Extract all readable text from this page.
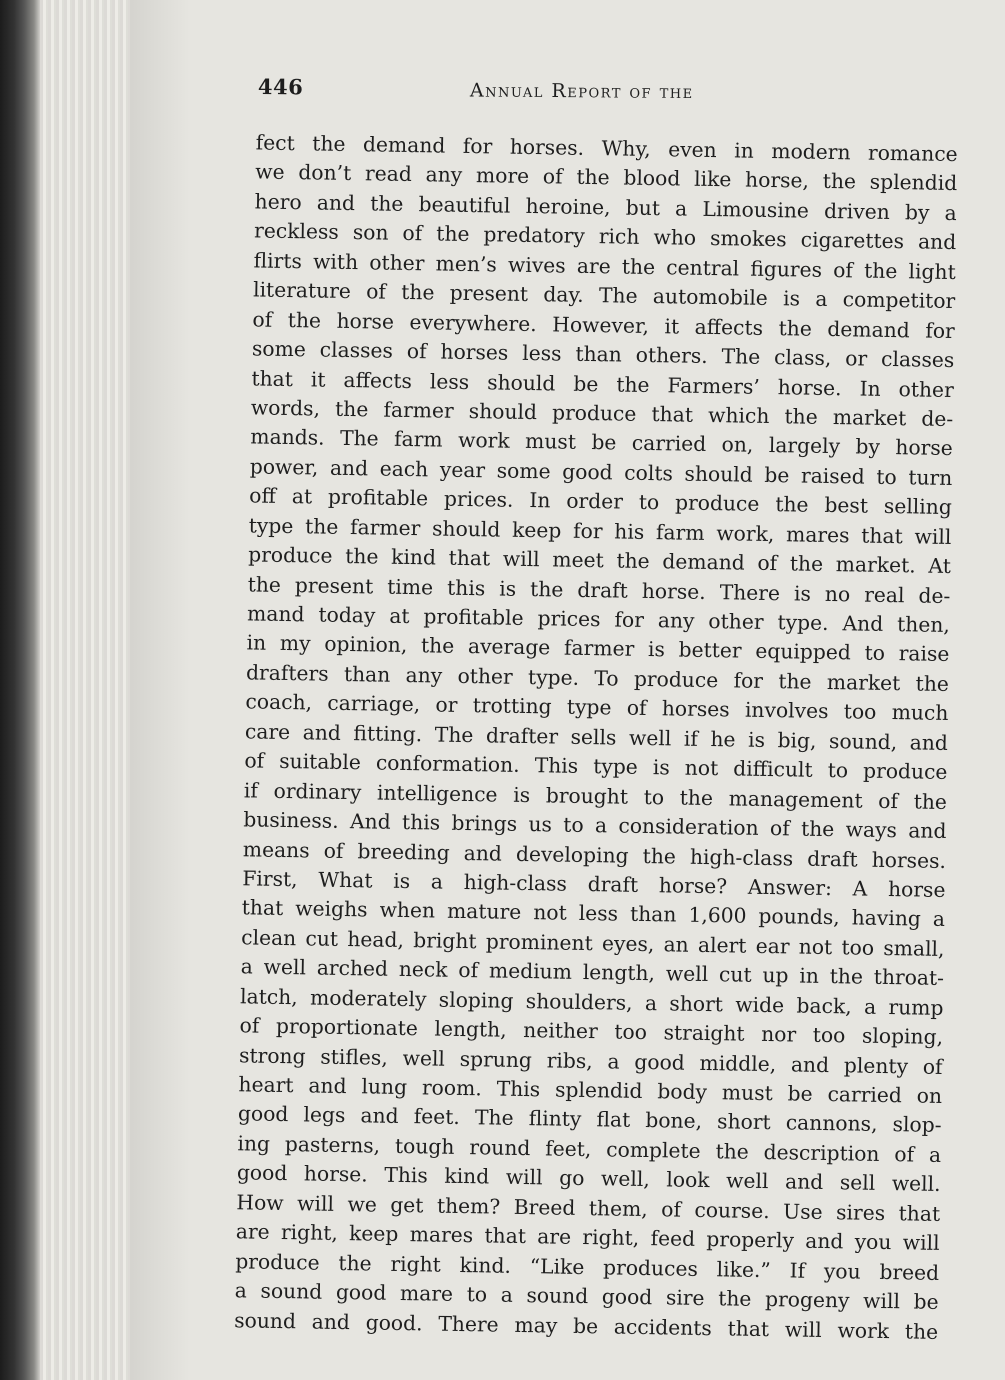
446	Annual Report of the
fect the demand for horses. Why, even in modern romance
we don’t read any more of the blood like horse, the splendid
hero and the beautiful heroine, but a Limousine driven by a
reckless son of the predatory rich who smokes cigarettes and
flirts with other men’s wives are the central figures of the light
literature of the present day. The automobile is a competitor
of the horse everywhere. However, it affects the demand for
some classes of horses less than others. The class, or classes
that it affects less should be the Farmers’ horse. In other
words, the farmer should produce that which the market de-
mands. The farm work must be carried on, largely by horse
power, and each year some good colts should be raised to turn
off at profitable prices. In order to produce the best selling
type the farmer should keep for his farm work, mares that will
produce the kind that will meet the demand of the market. At
the present time this is the draft horse. There is no real de-
mand today at profitable prices for any other type. And then,
in my opinion, the average farmer is better equipped to raise
drafters than any other type. To produce for the market the
coach, carriage, or trotting type of horses involves too much
care and fitting. The drafter sells well if he is big, sound, and
of suitable conformation. This type is not difficult to produce
if ordinary intelligence is brought to the management of the
business. And this brings us to a consideration of the ways and
means of breeding and developing the high-class draft horses.
First, What is a high-class draft horse? Answer: A horse
that weighs when mature not less than 1,600 pounds, having a
clean cut head, bright prominent eyes, an alert ear not too small,
a well arched neck of medium length, well cut up in the throat-
latch, moderately sloping shoulders, a short wide back, a rump
of proportionate length, neither too straight nor too sloping,
strong stifles, well sprung ribs, a good middle, and plenty of
heart and lung room. This splendid body must be carried on
good legs and feet. The flinty flat bone, short cannons, slop-
ing pasterns, tough round feet, complete the description of a
good horse. This kind will go well, look well and sell well.
How will we get them? Breed them, of course. Use sires that
are right, keep mares that are right, feed properly and you will
produce the right kind. “Like produces like.” If you breed
a sound good mare to a sound good sire the progeny will be
sound and good. There may be accidents that will work the
